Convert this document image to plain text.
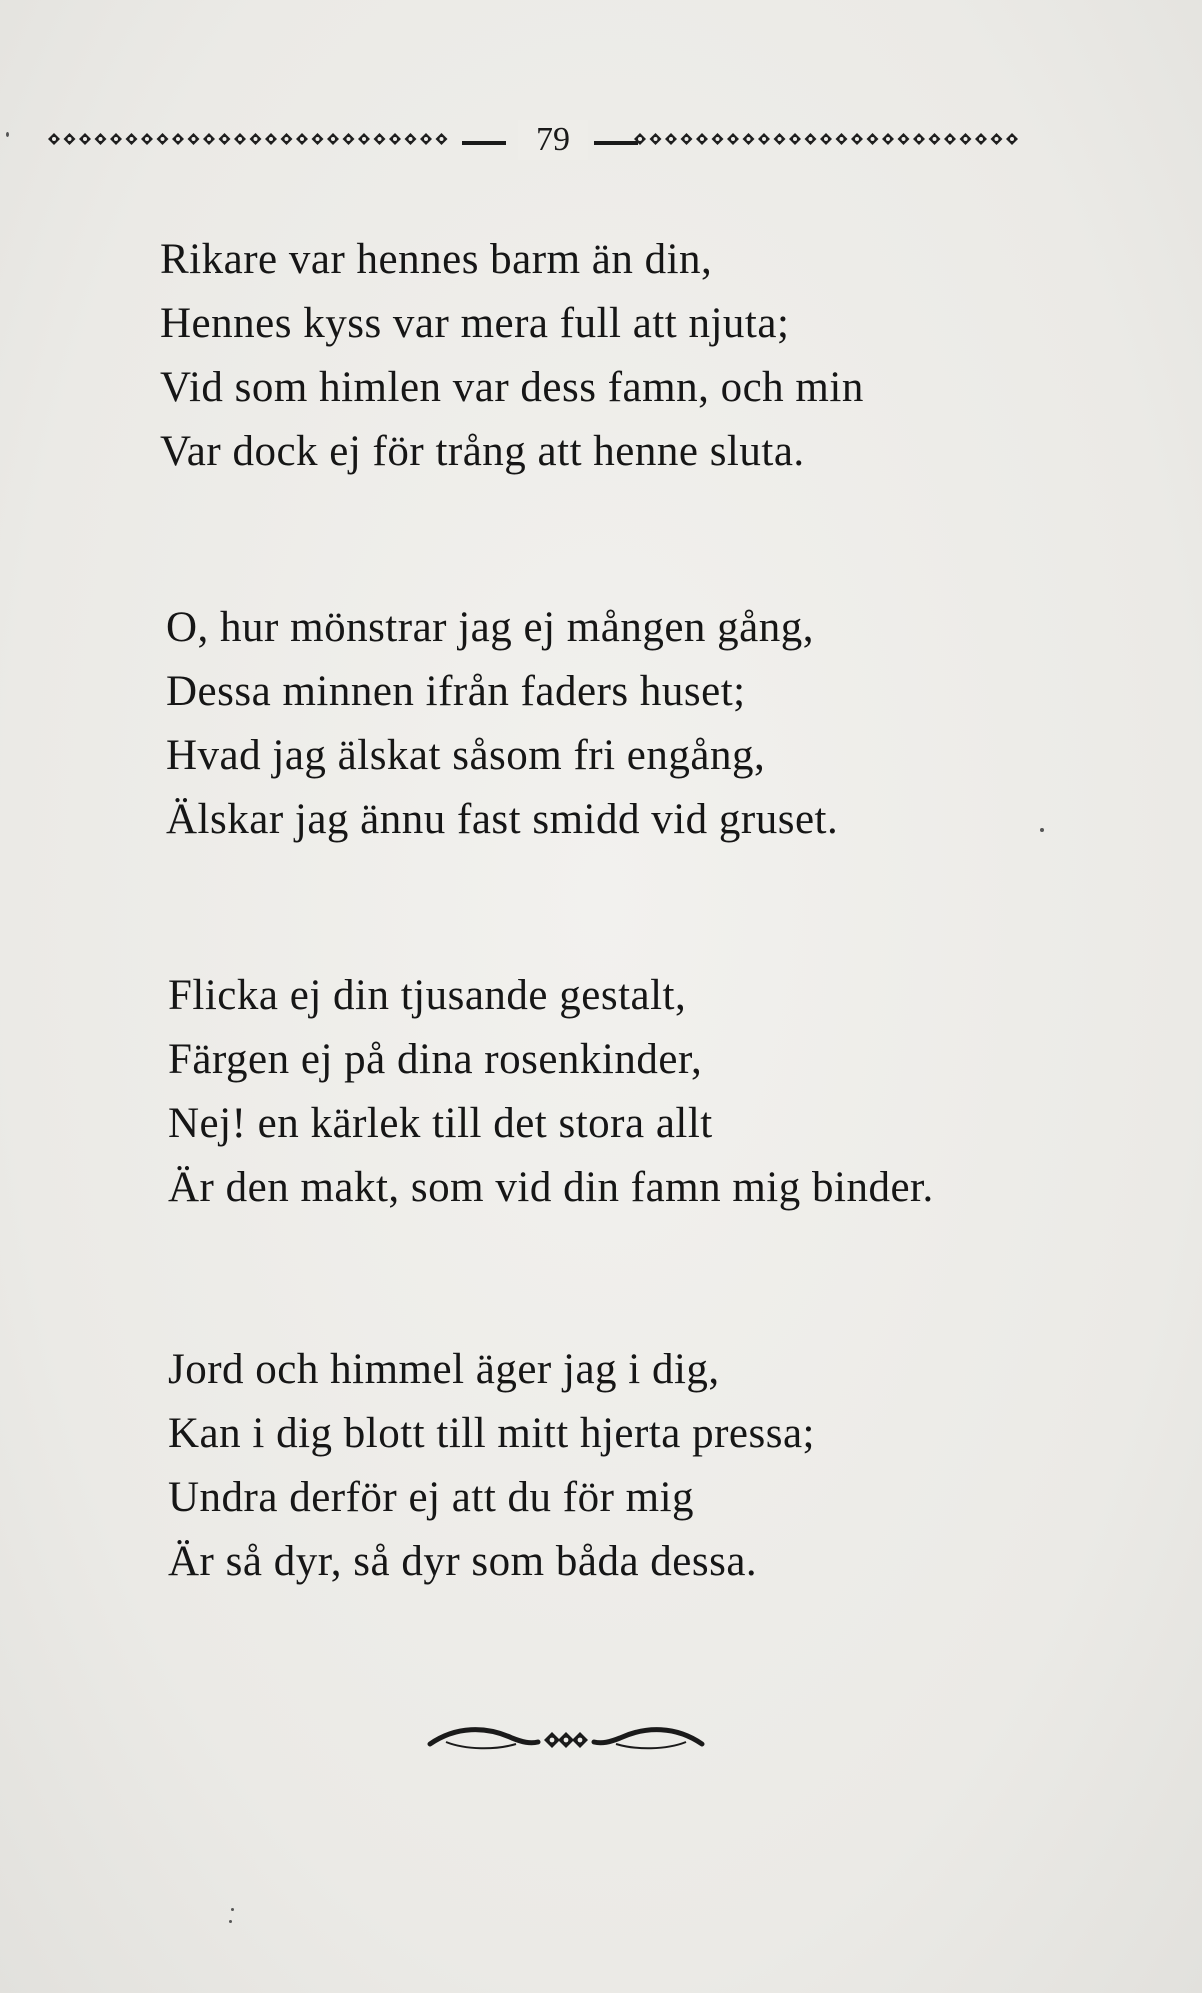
79
Rikare var hennes barm än din,
Hennes kyss var mera full att njuta;
Vid som himlen var dess famn, och min
Var dock ej för trång att henne sluta.
O, hur mönstrar jag ej mången gång,
Dessa minnen ifrån faders huset;
Hvad jag älskat såsom fri engång,
Älskar jag ännu fast smidd vid gruset.
Flicka ej din tjusande gestalt,
Färgen ej på dina rosenkinder,
Nej! en kärlek till det stora allt
Är den makt, som vid din famn mig binder.
Jord och himmel äger jag i dig,
Kan i dig blott till mitt hjerta pressa;
Undra derför ej att du för mig
Är så dyr, så dyr som båda dessa.
